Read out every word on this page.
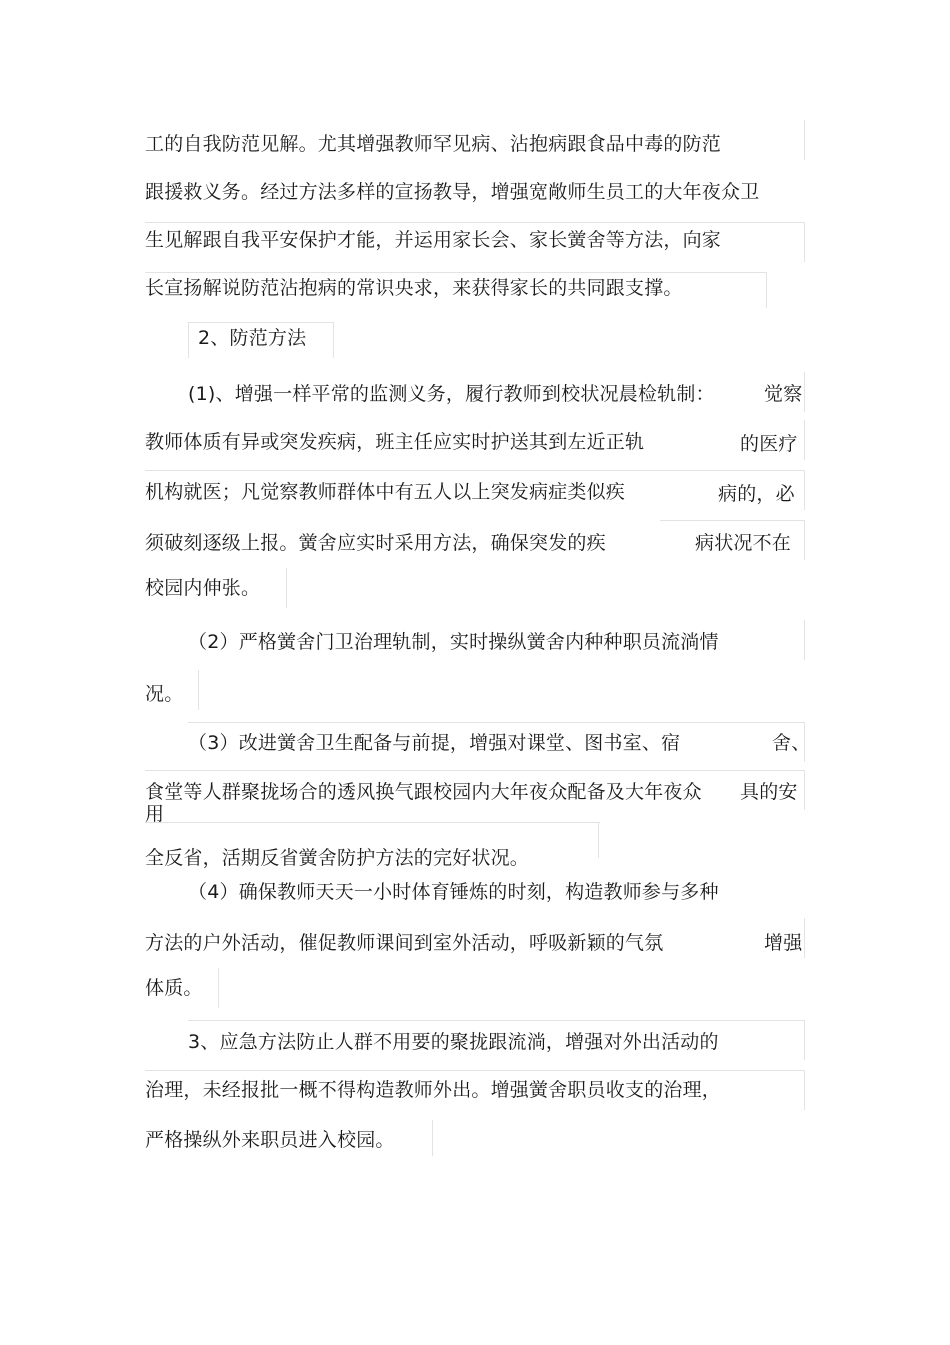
工的自我防范见解。尤其增强教师罕见病、沾抱病跟食品中毒的防范
跟援救义务。经过方法多样的宣扬教导，增强宽敞师生员工的大年夜众卫
生见解跟自我平安保护才能，并运用家长会、家长黉舍等方法，向家
长宣扬解说防范沾抱病的常识央求，来获得家长的共同跟支撑。
2、防范方法
(1)、增强一样平常的监测义务，履行教师到校状况晨检轨制：	觉察
教师体质有异或突发疾病，班主任应实时护送其到左近正轨	的医疗
机构就医；凡觉察教师群体中有五人以上突发病症类似疾	病的，必
须破刻逐级上报。黉舍应实时采用方法，确保突发的疾	病状况不在
校园内伸张。
（2）严格黉舍门卫治理轨制，实时操纵黉舍内种种职员流淌情
况。
（3）改进黉舍卫生配备与前提，增强对课堂、图书室、宿	舍、
食堂等人群聚拢场合的透风换气跟校园内大年夜众配备及大年夜众
用
具的安
全反省，活期反省黉舍防护方法的完好状况。
（4）确保教师天天一小时体育锤炼的时刻，构造教师参与多种
方法的户外活动，催促教师课间到室外活动，呼吸新颖的气氛	增强
体质。
3、应急方法防止人群不用要的聚拢跟流淌，增强对外出活动的
治理，未经报批一概不得构造教师外出。增强黉舍职员收支的治理，
严格操纵外来职员进入校园。
